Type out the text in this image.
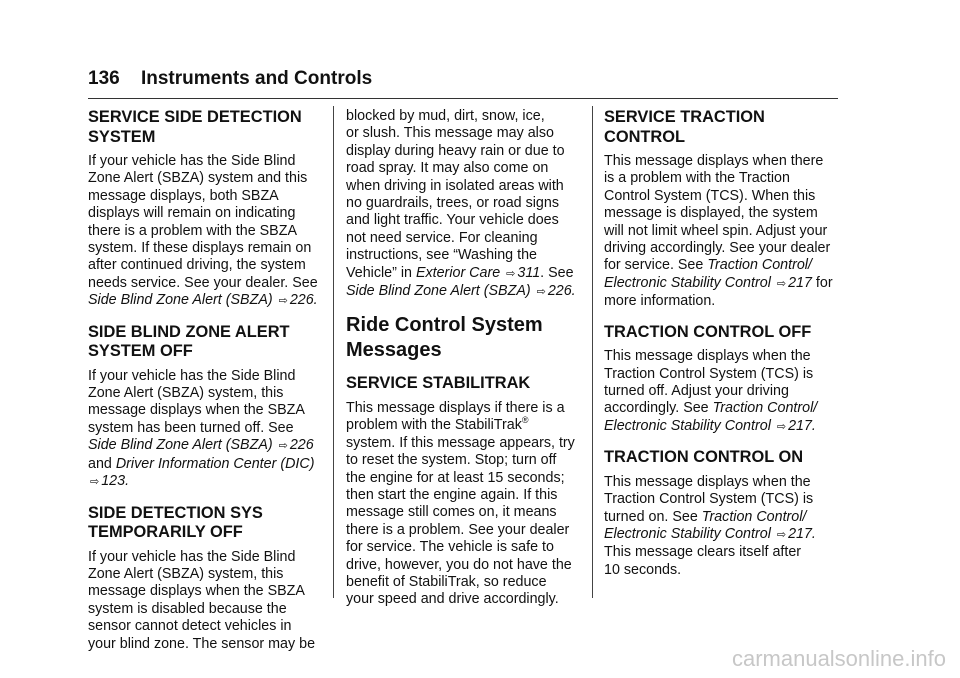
136 Instruments and Controls
SERVICE SIDE DETECTION
SYSTEM

If your vehicle has the Side Blind
Zone Alert (SBZA) system and this
message displays, both SBZA
displays will remain on indicating
there is a problem with the SBZA
system. If these displays remain on
after continued driving, the system
needs service. See your dealer. See
Side Blind Zone Alert (SBZA) ⇨ 226.

SIDE BLIND ZONE ALERT
SYSTEM OFF

If your vehicle has the Side Blind
Zone Alert (SBZA) system, this
message displays when the SBZA
system has been turned off. See
Side Blind Zone Alert (SBZA) ⇨ 226
and Driver Information Center (DIC)
⇨ 123.

SIDE DETECTION SYS
TEMPORARILY OFF

If your vehicle has the Side Blind
Zone Alert (SBZA) system, this
message displays when the SBZA
system is disabled because the
sensor cannot detect vehicles in
your blind zone. The sensor may be

blocked by mud, dirt, snow, ice,
or slush. This message may also
display during heavy rain or due to
road spray. It may also come on
when driving in isolated areas with
no guardrails, trees, or road signs
and light traffic. Your vehicle does
not need service. For cleaning
instructions, see “Washing the
Vehicle” in Exterior Care ⇨ 311. See
Side Blind Zone Alert (SBZA) ⇨ 226.

Ride Control System
Messages
SERVICE STABILITRAK

This message displays if there is a
problem with the StabiliTrak®
system. If this message appears, try
to reset the system. Stop; turn off
the engine for at least 15 seconds;
then start the engine again. If this
message still comes on, it means
there is a problem. See your dealer
for service. The vehicle is safe to
drive, however, you do not have the
benefit of StabiliTrak, so reduce
your speed and drive accordingly.

SERVICE TRACTION
CONTROL

This message displays when there
is a problem with the Traction
Control System (TCS). When this
message is displayed, the system
will not limit wheel spin. Adjust your
driving accordingly. See your dealer
for service. See Traction Control/
Electronic Stability Control ⇨ 217 for
more information.

TRACTION CONTROL OFF

This message displays when the
Traction Control System (TCS) is
turned off. Adjust your driving
accordingly. See Traction Control/
Electronic Stability Control ⇨ 217.

TRACTION CONTROL ON

This message displays when the
Traction Control System (TCS) is
turned on. See Traction Control/
Electronic Stability Control ⇨ 217.
This message clears itself after
10 seconds.

carmanualsonline.info
